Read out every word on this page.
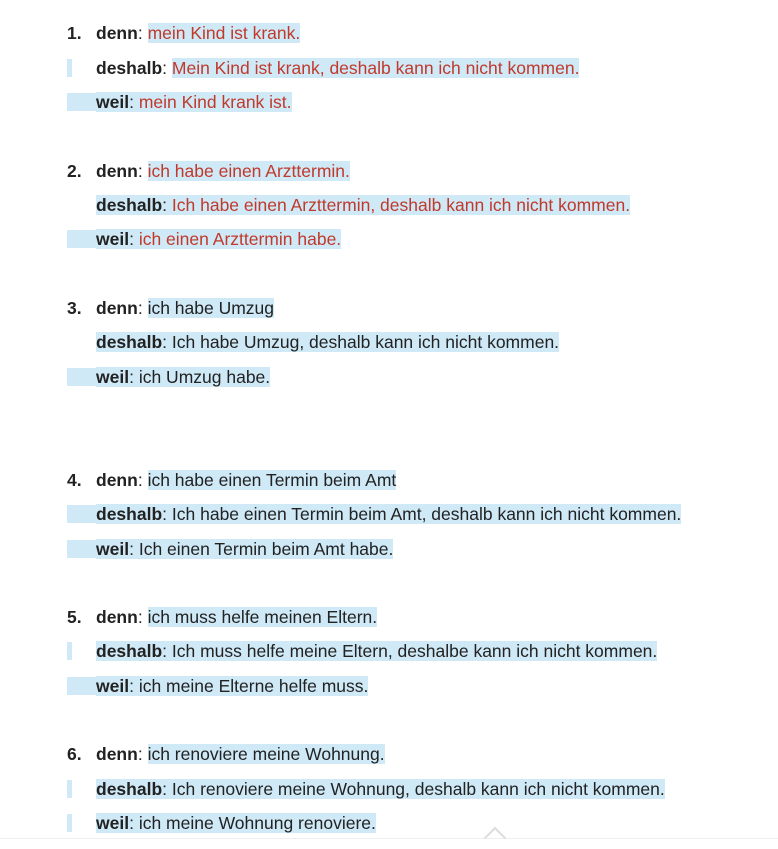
1. denn: mein Kind ist krank.
deshalb: Mein Kind ist krank, deshalb kann ich nicht kommen.
weil: mein Kind krank ist.
2. denn: ich habe einen Arzttermin.
deshalb: Ich habe einen Arzttermin, deshalb kann ich nicht kommen.
weil: ich einen Arzttermin habe.
3. denn: ich habe Umzug
deshalb: Ich habe Umzug, deshalb kann ich nicht kommen.
weil: ich Umzug habe.
4. denn: ich habe einen Termin beim Amt
deshalb: Ich habe einen Termin beim Amt, deshalb kann ich nicht kommen.
weil: Ich einen Termin beim Amt habe.
5. denn: ich muss helfe meinen Eltern.
deshalb: Ich muss helfe meine Eltern, deshalbe kann ich nicht kommen.
weil: ich meine Elterne helfe muss.
6. denn: ich renoviere meine Wohnung.
deshalb: Ich renoviere meine Wohnung, deshalb kann ich nicht kommen.
weil: ich meine Wohnung renoviere.
